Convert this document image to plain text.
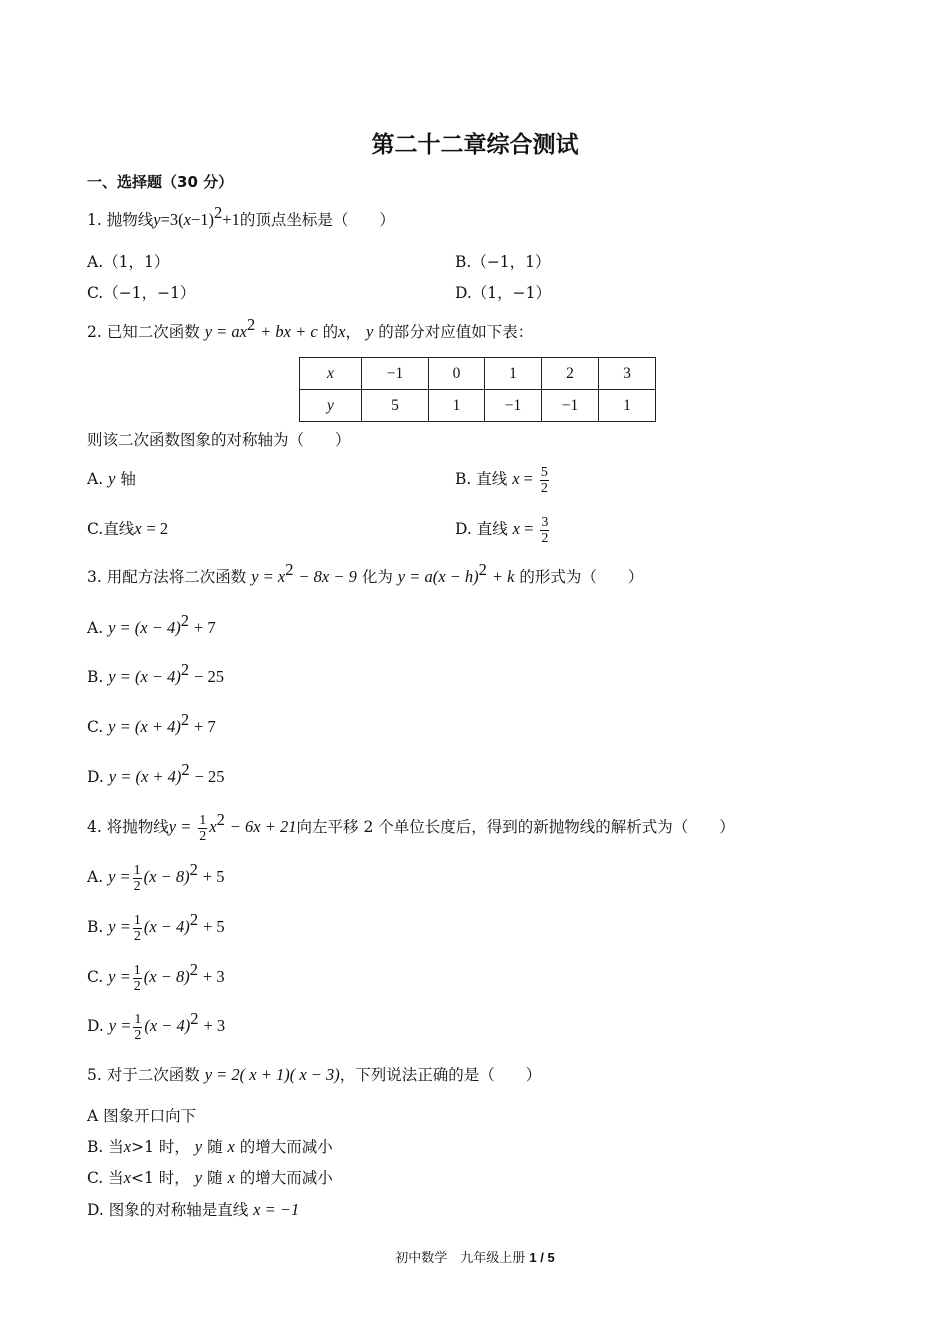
第二十二章综合测试
一、选择题（30 分）
1. 抛物线$y=3(x-1)^2+1$的顶点坐标是（　　）
A.（1，1）	B.（−1，1）
C.（−1，−1）	D.（1，−1）
2. 已知二次函数 $y = ax^2$ + bx + c 的x， y 的部分对应值如下表：
x	−1	0	1	2	3
y	5	1	−1	−1	1
则该二次函数图象的对称轴为（　　）
A. y 轴	B. 直线 $x = \frac{5}{2}$
C.直线x = 2	D. 直线 $x = \frac{3}{2}$
3. 用配方法将二次函数 $y = x^2 - 8x - 9$ 化为 $y = a(x - h)^2 + k$ 的形式为（　　）
A. $y = (x - 4)^2 + 7$
B. $y = (x - 4)^2 - 25$
C. $y = (x + 4)^2 + 7$
D. $y = (x + 4)^2 - 25$
4. 将抛物线$y = \frac{1}{2} x^2 - 6x + 21$向左平移 2 个单位长度后，得到的新抛物线的解析式为（　　）
A. $y = \frac{1}{2} (x - 8)^2 + 5$
B. $y = \frac{1}{2} (x - 4)^2 + 5$
C. $y = \frac{1}{2} (x - 8)^2 + 3$
D. $y = \frac{1}{2} (x - 4)^2 + 3$
5. 对于二次函数 y = 2( x + 1)( x − 3)，下列说法正确的是（　　）
A 图象开口向下
B. 当x>1 时， y 随 x 的增大而减小
C. 当x<1 时， y 随 x 的增大而减小
D. 图象的对称轴是直线 x = −1
初中数学　九年级上册 1 / 5
